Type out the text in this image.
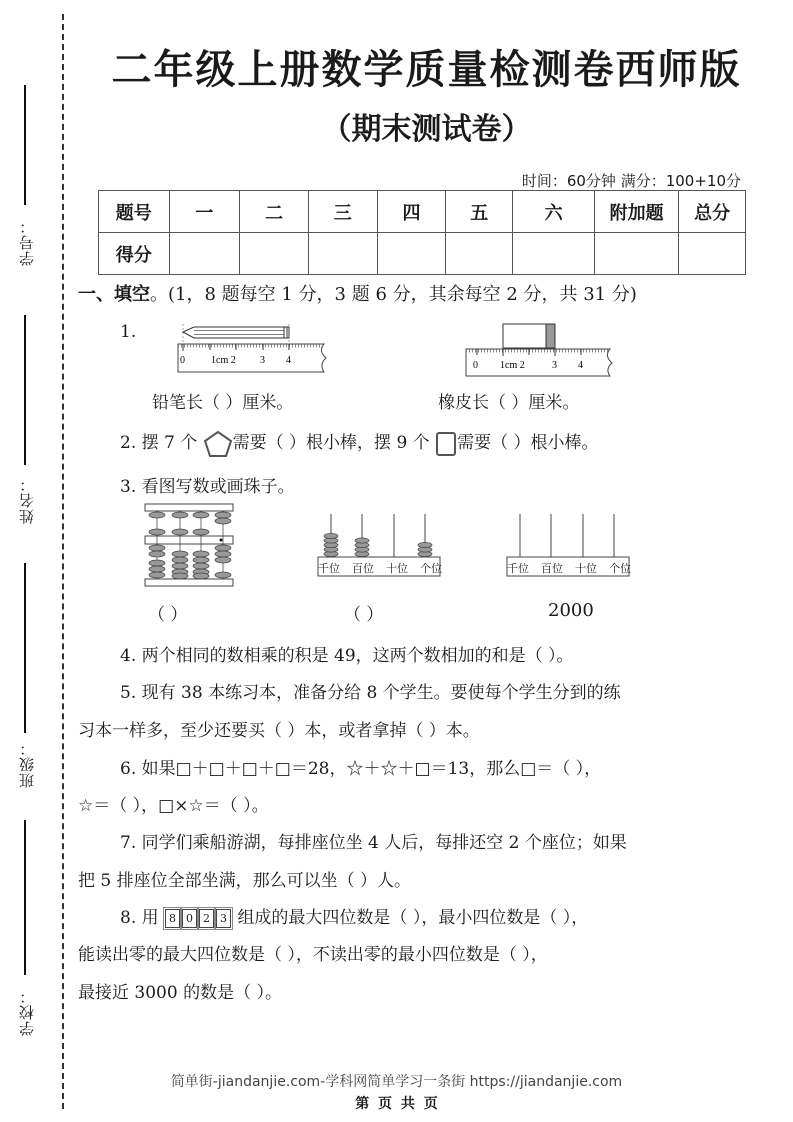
学号：
姓名：
班级：
学校：
二年级上册数学质量检测卷西师版
（期末测试卷）
时间：60分钟 满分：100+10分
题号	一	二	三	四	五	六	附加题	总分
得分								
一、填空。(1，8 题每空 1 分，3 题 6 分，其余每空 2 分，共 31 分)
1.
0	1cm 2 3 4	0 1cm 2	3 4
铅笔长（ ）厘米。	橡皮长（ ）厘米。
2. 摆 7 个 需要（ ）根小棒，摆 9 个 需要（ ）根小棒。
3. 看图写数或画珠子。
千位 百位 十位 个位	千位 百位 十位 个位
（ ）	（ ）	2000
4. 两个相同的数相乘的积是 49，这两个数相加的和是（ ）。
5. 现有 38 本练习本，准备分给 8 个学生。要使每个学生分到的练
习本一样多，至少还要买（ ）本，或者拿掉（ ）本。
6. 如果□＋□＋□＋□＝28，☆＋☆＋□＝13，那么□＝（ ），
☆＝（ ），□×☆＝（ ）。
7. 同学们乘船游湖，每排座位坐 4 人后，每排还空 2 个座位；如果
把 5 排座位全部坐满，那么可以坐（ ）人。
8. 用 8 0 2 3 组成的最大四位数是（ ），最小四位数是（ ），
能读出零的最大四位数是（ ），不读出零的最小四位数是（ ），
最接近 3000 的数是（ ）。
简单街-jiandanjie.com-学科网简单学习一条街 https://jiandanjie.com
第 页 共 页
